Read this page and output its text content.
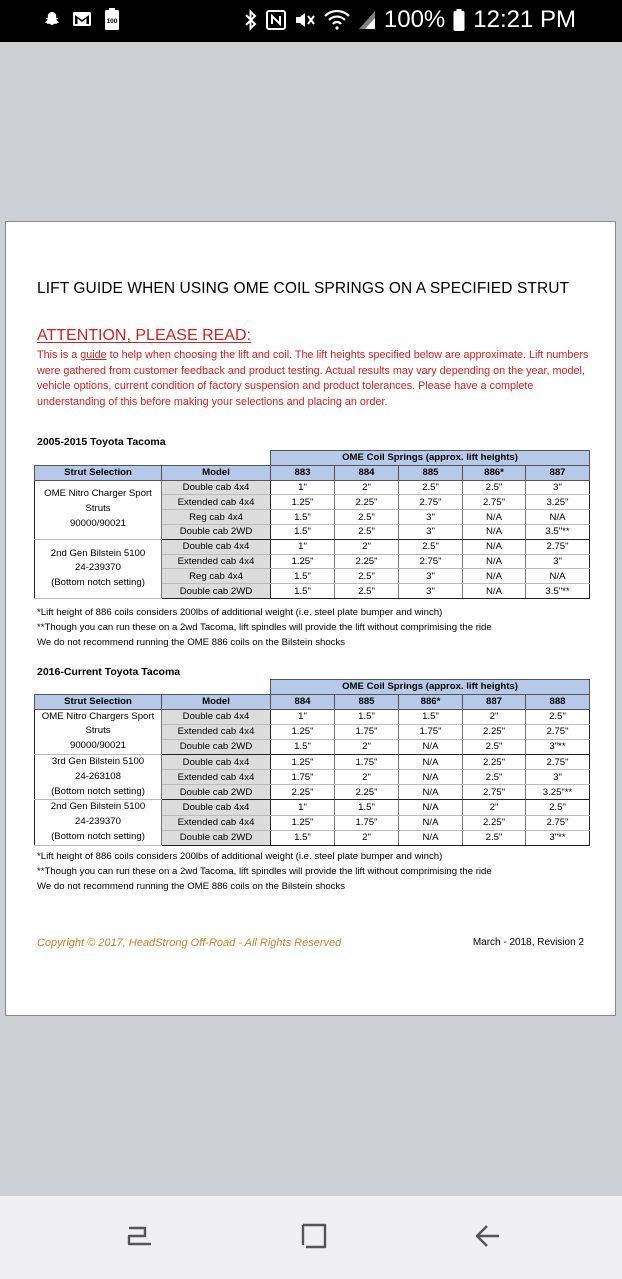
100	100% 12:21 PM
LIFT GUIDE WHEN USING OME COIL SPRINGS ON A SPECIFIED STRUT
ATTENTION, PLEASE READ:
This is a guide to help when choosing the lift and coil. The lift heights specified below are approximate. Lift numbers were gathered from customer feedback and product testing. Actual results may vary depending on the year, model, vehicle options, current condition of factory suspension and product tolerances. Please have a complete understanding of this before making your selections and placing an order.
2005-2015 Toyota Tacoma
		OME Coil Springs (approx. lift heights)				
Strut Selection	Model	883	884	885	886*	887
OME Nitro Charger Sport
Struts
90000/90021	Double cab 4x4	1"	2"	2.5"	2.5"	3"
	Extended cab 4x4	1.25"	2.25"	2.75"	2.75"	3.25"
	Reg cab 4x4	1.5"	2.5"	3"	N/A	N/A
	Double cab 2WD	1.5"	2.5"	3"	N/A	3.5"**
2nd Gen Bilstein 5100
24-239370
(Bottom notch setting)	Double cab 4x4	1"	2"	2.5"	N/A	2.75"
	Extended cab 4x4	1.25"	2.25"	2.75"	N/A	3"
	Reg cab 4x4	1.5"	2.5"	3"	N/A	N/A
	Double cab 2WD	1.5"	2.5"	3"	N/A	3.5"**
*Lift height of 886 coils considers 200lbs of additional weight (i.e. steel plate bumper and winch)
**Though you can run these on a 2wd Tacoma, lift spindles will provide the lift without comprimising the ride
We do not recommend running the OME 886 coils on the Bilstein shocks
2016-Current Toyota Tacoma
		OME Coil Springs (approx. lift heights)				
Strut Selection	Model	884	885	886*	887	888
OME Nitro Chargers Sport
Struts
90000/90021	Double cab 4x4	1"	1.5"	1.5"	2"	2.5"
	Extended cab 4x4	1.25"	1.75"	1.75"	2.25"	2.75"
	Double cab 2WD	1.5"	2"	N/A	2.5"	3"**
3rd Gen Bilstein 5100
24-263108
(Bottom notch setting)	Double cab 4x4	1.25"	1.75"	N/A	2.25"	2.75"
	Extended cab 4x4	1.75"	2"	N/A	2.5"	3"
	Double cab 2WD	2.25"	2.25"	N/A	2.75"	3.25"**
2nd Gen Bilstein 5100
24-239370
(Bottom notch setting)	Double cab 4x4	1"	1.5"	N/A	2"	2.5"
	Extended cab 4x4	1.25"	1.75"	N/A	2.25"	2.75"
	Double cab 2WD	1.5"	2"	N/A	2.5"	3"**
*Lift height of 886 coils considers 200lbs of additional weight (i.e. steel plate bumper and winch)
**Though you can run these on a 2wd Tacoma, lift spindles will provide the lift without comprimising the ride
We do not recommend running the OME 886 coils on the Bilstein shocks
Copyright © 2017, HeadStrong Off-Road - All Rights Reserved	March - 2018, Revision 2
